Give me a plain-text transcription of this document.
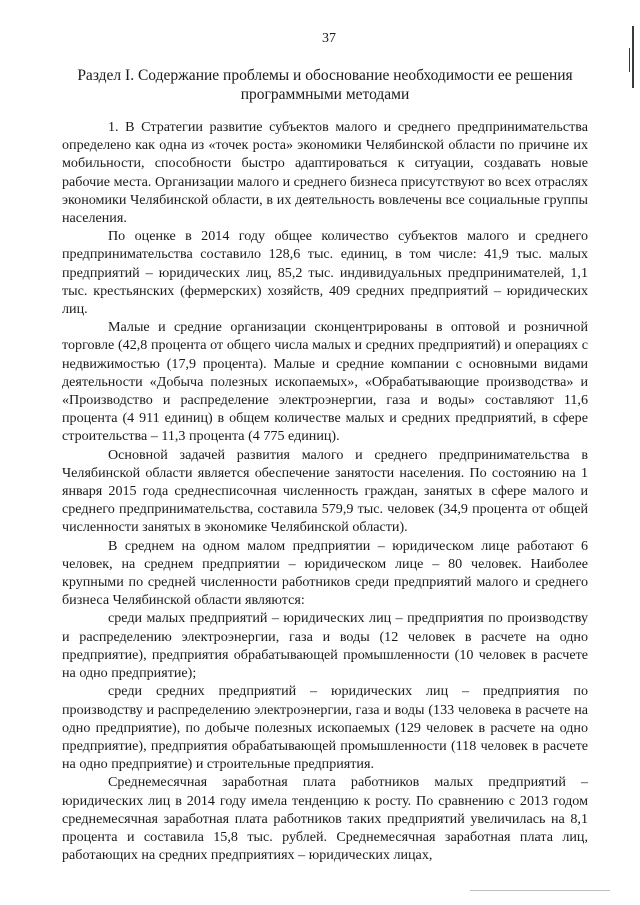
37
Раздел I. Содержание проблемы и обоснование необходимости ее решения
программными методами

1. В Стратегии развитие субъектов малого и среднего предпринимательства определено как одна из «точек роста» экономики Челябинской области по причине их мобильности, способности быстро адаптироваться к ситуации, создавать новые рабочие места. Организации малого и среднего бизнеса присутствуют во всех отраслях экономики Челябинской области, в их деятельность вовлечены все социальные группы населения.

По оценке в 2014 году общее количество субъектов малого и среднего предпринимательства составило 128,6 тыс. единиц, в том числе: 41,9 тыс. малых предприятий – юридических лиц, 85,2 тыс. индивидуальных предпринимателей, 1,1 тыс. крестьянских (фермерских) хозяйств, 409 средних предприятий – юридических лиц.

Малые и средние организации сконцентрированы в оптовой и розничной торговле (42,8 процента от общего числа малых и средних предприятий) и операциях с недвижимостью (17,9 процента). Малые и средние компании с основными видами деятельности «Добыча полезных ископаемых», «Обрабатывающие производства» и «Производство и распределение электроэнергии, газа и воды» составляют 11,6 процента (4 911 единиц) в общем количестве малых и средних предприятий, в сфере строительства – 11,3 процента (4 775 единиц).

Основной задачей развития малого и среднего предпринимательства в Челябинской области является обеспечение занятости населения. По состоянию на 1 января 2015 года среднесписочная численность граждан, занятых в сфере малого и среднего предпринимательства, составила 579,9 тыс. человек (34,9 процента от общей численности занятых в экономике Челябинской области).

В среднем на одном малом предприятии – юридическом лице работают 6 человек, на среднем предприятии – юридическом лице – 80 человек. Наиболее крупными по средней численности работников среди предприятий малого и среднего бизнеса Челябинской области являются:

среди малых предприятий – юридических лиц – предприятия по производству и распределению электроэнергии, газа и воды (12 человек в расчете на одно предприятие), предприятия обрабатывающей промышленности (10 человек в расчете на одно предприятие);

среди средних предприятий – юридических лиц – предприятия по производству и распределению электроэнергии, газа и воды (133 человека в расчете на одно предприятие), по добыче полезных ископаемых (129 человек в расчете на одно предприятие), предприятия обрабатывающей промышленности (118 человек в расчете на одно предприятие) и строительные предприятия.

Среднемесячная заработная плата работников малых предприятий – юридических лиц в 2014 году имела тенденцию к росту. По сравнению с 2013 годом среднемесячная заработная плата работников таких предприятий увеличилась на 8,1 процента и составила 15,8 тыс. рублей. Среднемесячная заработная плата лиц, работающих на средних предприятиях – юридических лицах,
